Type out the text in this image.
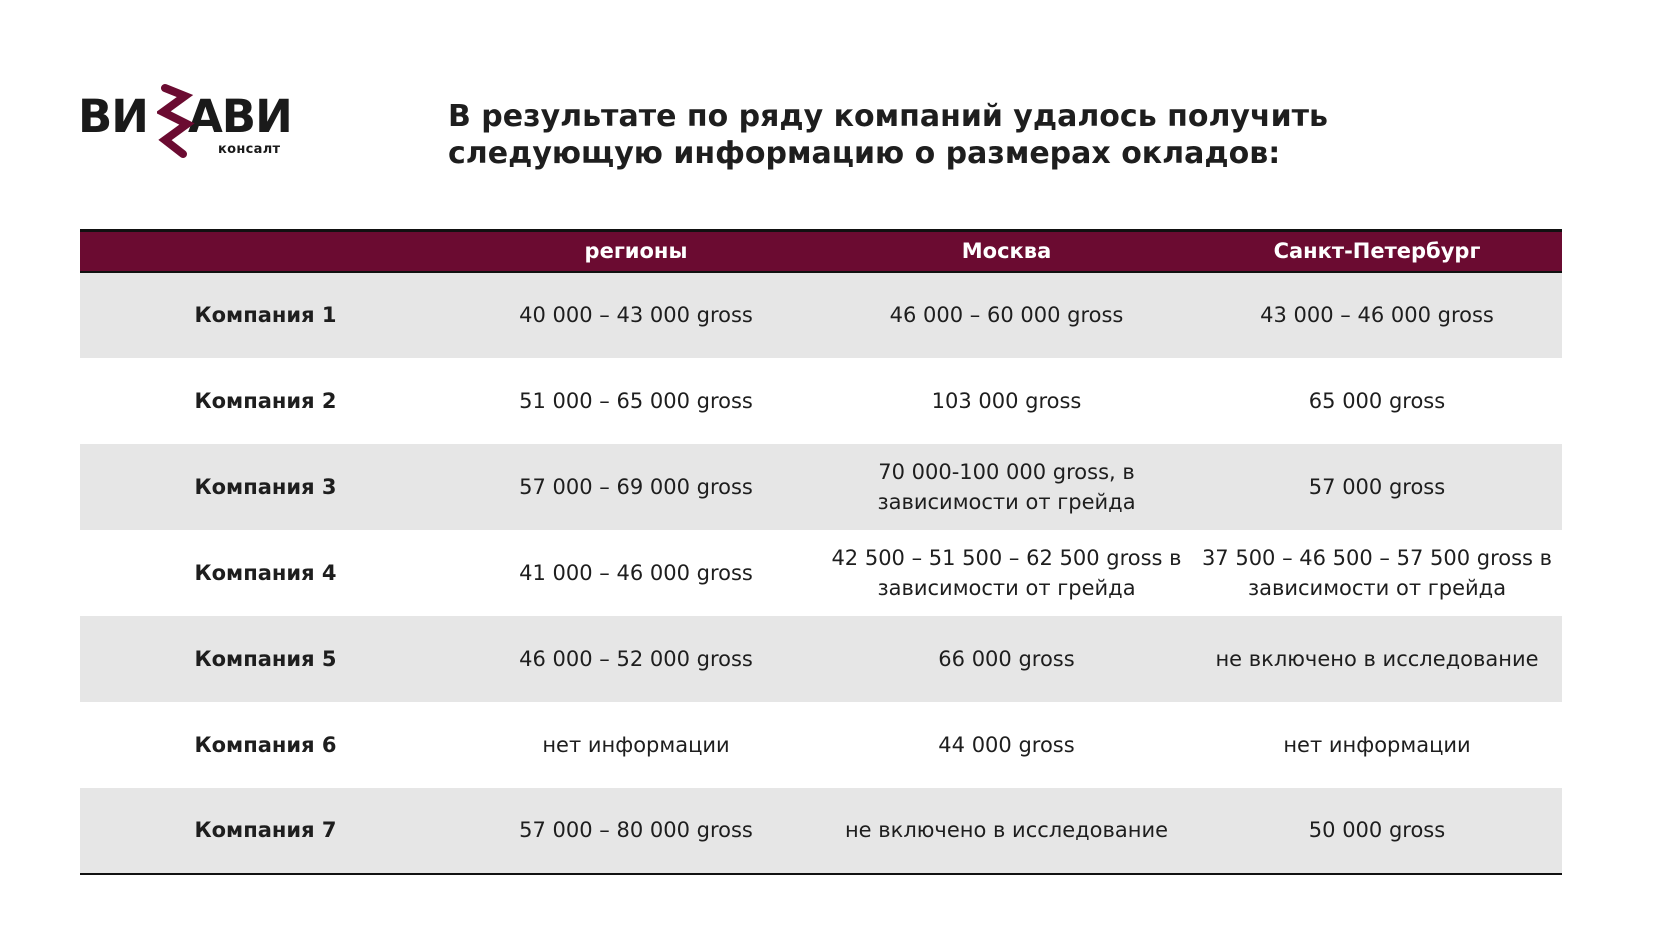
ВИ АВИ
консалт
В результате по ряду компаний удалось получить следующую информацию о размерах окладов:
	регионы	Москва	Санкт-Петербург
Компания 1	40 000 – 43 000 gross	46 000 – 60 000 gross	43 000 – 46 000 gross
Компания 2	51 000 – 65 000 gross	103 000 gross	65 000 gross
Компания 3	57 000 – 69 000 gross	70 000-100 000 gross, в зависимости от грейда	57 000 gross
Компания 4	41 000 – 46 000 gross	42 500 – 51 500 – 62 500 gross в зависимости от грейда	37 500 – 46 500 – 57 500 gross в зависимости от грейда
Компания 5	46 000 – 52 000 gross	66 000 gross	не включено в исследование
Компания 6	нет информации	44 000 gross	нет информации
Компания 7	57 000 – 80 000 gross	не включено в исследование	50 000 gross
